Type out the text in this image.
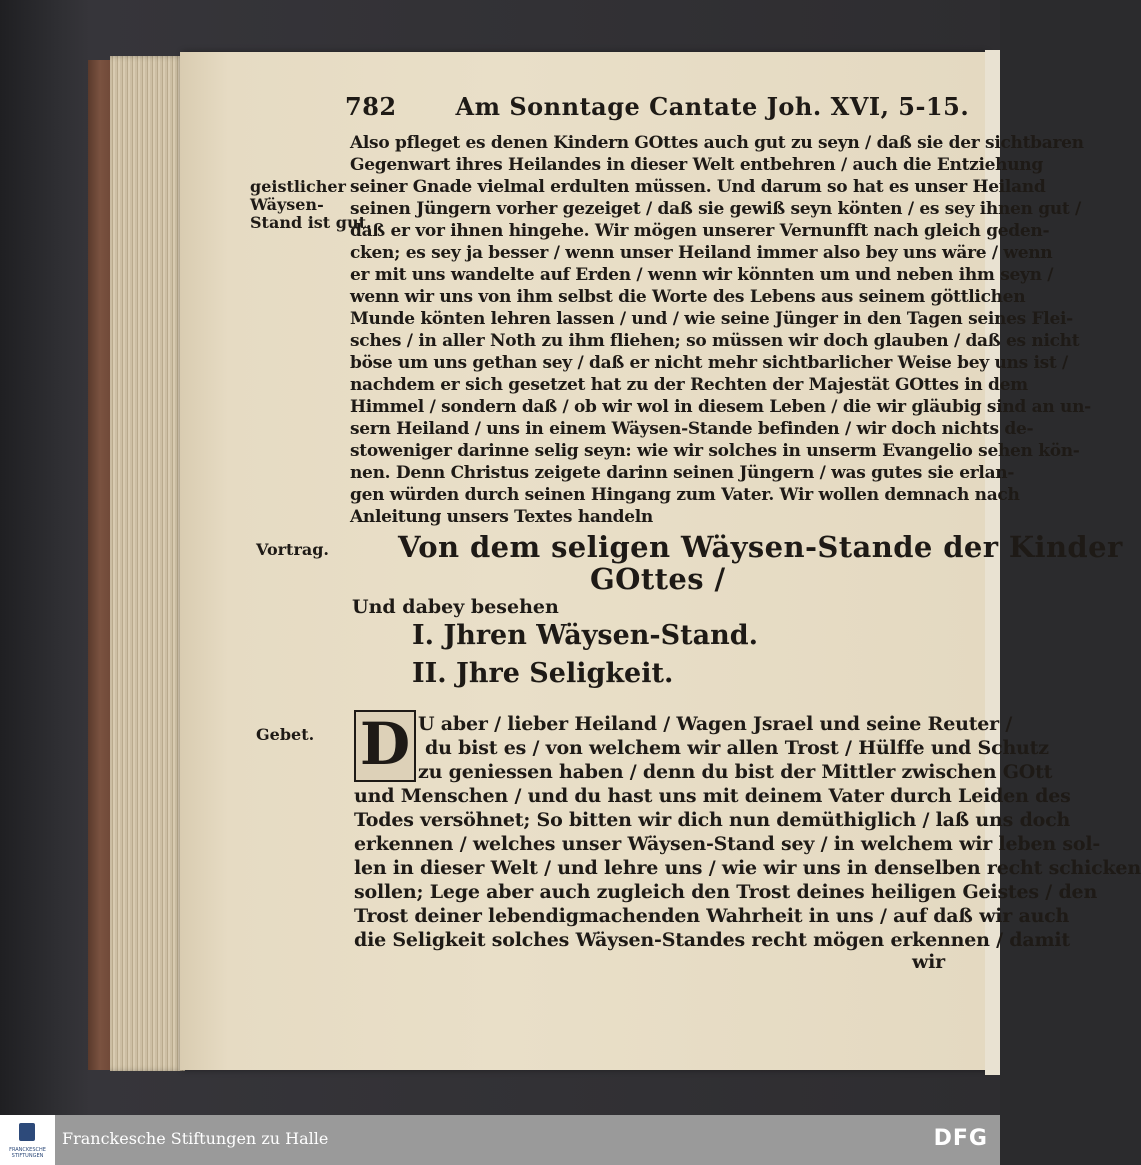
782 Am Sonntage Cantate Joh. XVI, 5-15.
geistlicher
Wäysen-
Stand ist gut.
Vortrag.
Gebet.
Also pfleget es denen Kindern GOttes auch gut zu seyn / daß sie der sichtbaren
Gegenwart ihres Heilandes in dieser Welt entbehren / auch die Entziehung
seiner Gnade vielmal erdulten müssen. Und darum so hat es unser Heiland
seinen Jüngern vorher gezeiget / daß sie gewiß seyn könten / es sey ihnen gut /
daß er vor ihnen hingehe. Wir mögen unserer Vernunfft nach gleich geden-
cken; es sey ja besser / wenn unser Heiland immer also bey uns wäre / wenn
er mit uns wandelte auf Erden / wenn wir könnten um und neben ihm seyn /
wenn wir uns von ihm selbst die Worte des Lebens aus seinem göttlichen
Munde könten lehren lassen / und / wie seine Jünger in den Tagen seines Flei-
sches / in aller Noth zu ihm fliehen; so müssen wir doch glauben / daß es nicht
böse um uns gethan sey / daß er nicht mehr sichtbarlicher Weise bey uns ist /
nachdem er sich gesetzet hat zu der Rechten der Majestät GOttes in dem
Himmel / sondern daß / ob wir wol in diesem Leben / die wir gläubig sind an un-
sern Heiland / uns in einem Wäysen-Stande befinden / wir doch nichts de-
stoweniger darinne selig seyn: wie wir solches in unserm Evangelio sehen kön-
nen. Denn Christus zeigete darinn seinen Jüngern / was gutes sie erlan-
gen würden durch seinen Hingang zum Vater. Wir wollen demnach nach
Anleitung unsers Textes handeln
Von dem seligen Wäysen-Stande der Kinder
GOttes /
Und dabey besehen
I. Jhren Wäysen-Stand.
II. Jhre Seligkeit.
D U aber / lieber Heiland / Wagen Jsrael und seine Reuter /
du bist es / von welchem wir allen Trost / Hülffe und Schutz
zu geniessen haben / denn du bist der Mittler zwischen GOtt
und Menschen / und du hast uns mit deinem Vater durch Leiden des
Todes versöhnet; So bitten wir dich nun demüthiglich / laß uns doch
erkennen / welches unser Wäysen-Stand sey / in welchem wir leben sol-
len in dieser Welt / und lehre uns / wie wir uns in denselben recht schicken
sollen; Lege aber auch zugleich den Trost deines heiligen Geistes / den
Trost deiner lebendigmachenden Wahrheit in uns / auf daß wir auch
die Seligkeit solches Wäysen-Standes recht mögen erkennen / damit
wir
FRANCKESCHE STIFTUNGEN
Franckesche Stiftungen zu Halle	DFG
